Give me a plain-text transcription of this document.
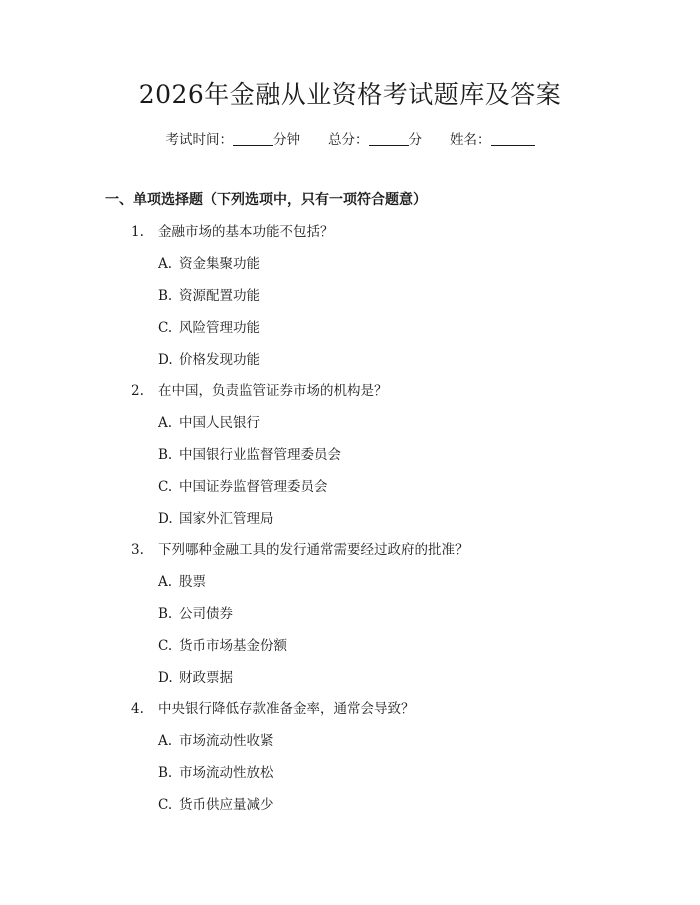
2026年金融从业资格考试题库及答案
考试时间：	分钟 总分：	分 姓名：
一、单项选择题（下列选项中，只有一项符合题意）
1. 金融市场的基本功能不包括？
A. 资金集聚功能
B. 资源配置功能
C. 风险管理功能
D. 价格发现功能
2. 在中国，负责监管证券市场的机构是？
A. 中国人民银行
B. 中国银行业监督管理委员会
C. 中国证券监督管理委员会
D. 国家外汇管理局
3. 下列哪种金融工具的发行通常需要经过政府的批准？
A. 股票
B. 公司债券
C. 货币市场基金份额
D. 财政票据
4. 中央银行降低存款准备金率，通常会导致？
A. 市场流动性收紧
B. 市场流动性放松
C. 货币供应量减少
